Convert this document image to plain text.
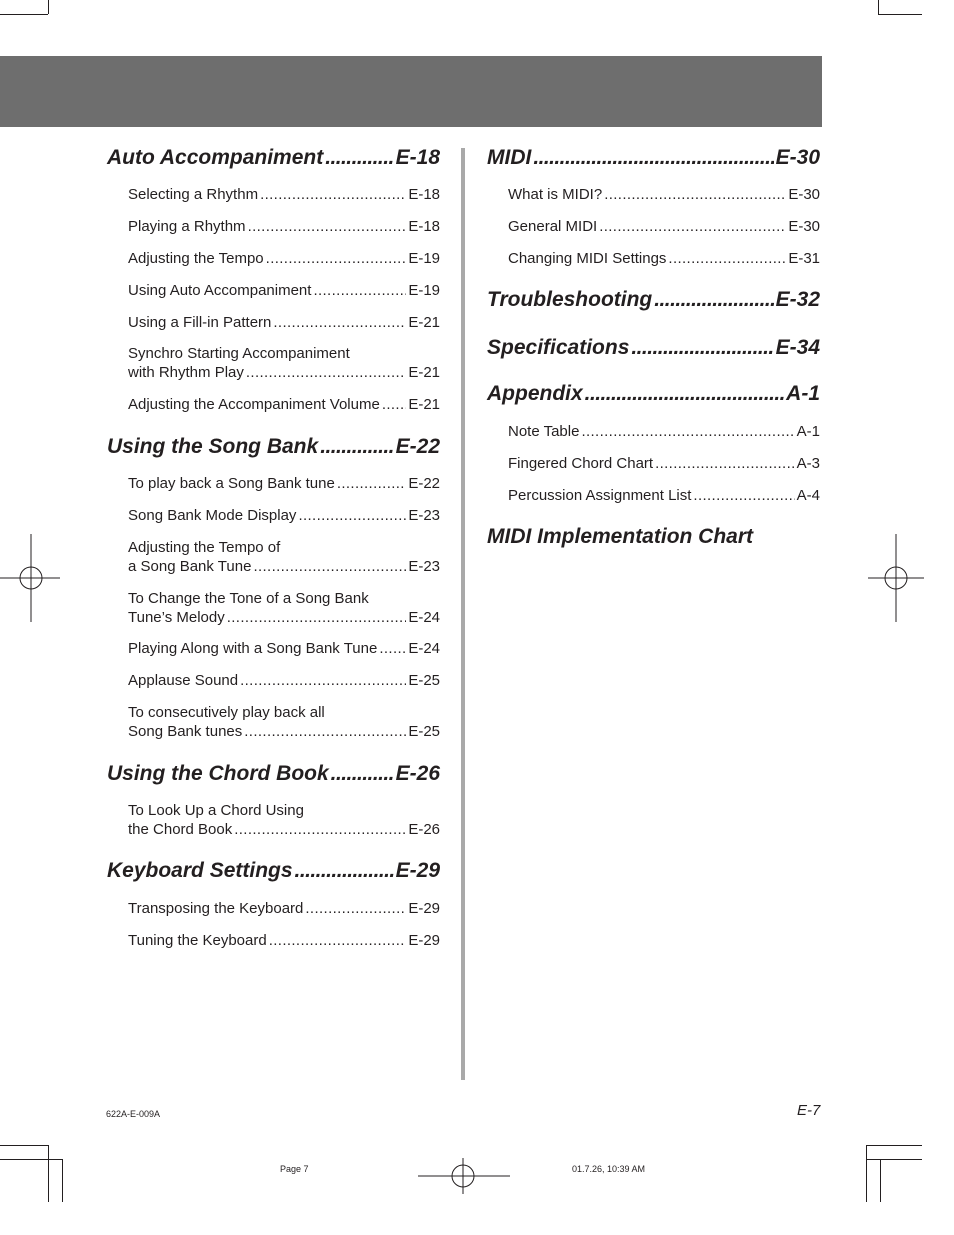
Auto Accompaniment . . .	E-18
Selecting a Rhythm . . .	E-18
Playing a Rhythm . . .	E-18
Adjusting the Tempo . . .	E-19
Using Auto Accompaniment . . .	E-19
Using a Fill-in Pattern . . .	E-21
Synchro Starting Accompaniment
with Rhythm Play . . .	E-21
Adjusting the Accompaniment Volume . . . E-21
Using the Song Bank . . .	E-22
To play back a Song Bank tune . . .	E-22
Song Bank Mode Display . . .	E-23
Adjusting the Tempo of
a Song Bank Tune . . .	E-23
To Change the Tone of a Song Bank
Tune’s Melody . . .	E-24
Playing Along with a Song Bank Tune . . . E-24
Applause Sound . . .	E-25
To consecutively play back all
Song Bank tunes . . .	E-25
Using the Chord Book . . .	E-26
To Look Up a Chord Using
the Chord Book . . .	E-26
Keyboard Settings . . .	E-29
Transposing the Keyboard . . .	E-29
Tuning the Keyboard . . .	E-29
MIDI . . .	E-30
What is MIDI? . . .	E-30
General MIDI . . .	E-30
Changing MIDI Settings . . .	E-31
Troubleshooting . . .	E-32
Specifications . . .	E-34
Appendix . . .	A-1
Note Table . . .	A-1
Fingered Chord Chart . . .	A-3
Percussion Assignment List . . .	A-4
MIDI Implementation Chart
E-7
622A-E-009A
Page 7	01.7.26, 10:39 AM
